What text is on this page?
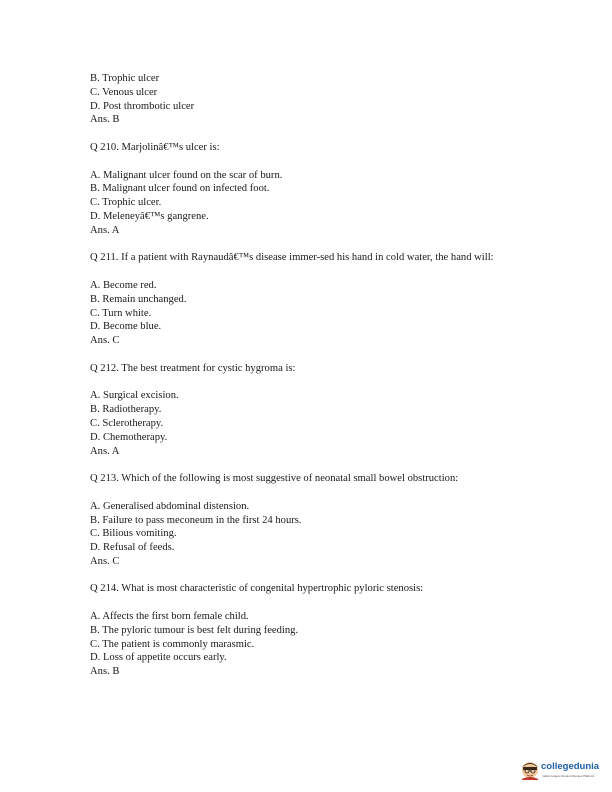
B. Trophic ulcer
C. Venous ulcer
D. Post thrombotic ulcer
Ans. B
Q 210. Marjolinâ€™s ulcer is:
A. Malignant ulcer found on the scar of burn.
B. Malignant ulcer found on infected foot.
C. Trophic ulcer.
D. Meleneyâ€™s gangrene.
Ans. A
Q 211. If a patient with Raynaudâ€™s disease immer-sed his hand in cold water, the hand will:
A. Become red.
B. Remain unchanged.
C. Turn white.
D. Become blue.
Ans. C
Q 212. The best treatment for cystic hygroma is:
A. Surgical excision.
B. Radiotherapy.
C. Sclerotherapy.
D. Chemotherapy.
Ans. A
Q 213. Which of the following is most suggestive of neonatal small bowel obstruction:
A. Generalised abdominal distension.
B. Failure to pass meconeum in the first 24 hours.
C. Bilious vomiting.
D. Refusal of feeds.
Ans. C
Q 214. What is most characteristic of congenital hypertrophic pyloric stenosis:
A. Affects the first born female child.
B. The pyloric tumour is best felt during feeding.
C. The patient is commonly marasmic.
D. Loss of appetite occurs early.
Ans. B
collegedunia
India's largest Student Review Platform
